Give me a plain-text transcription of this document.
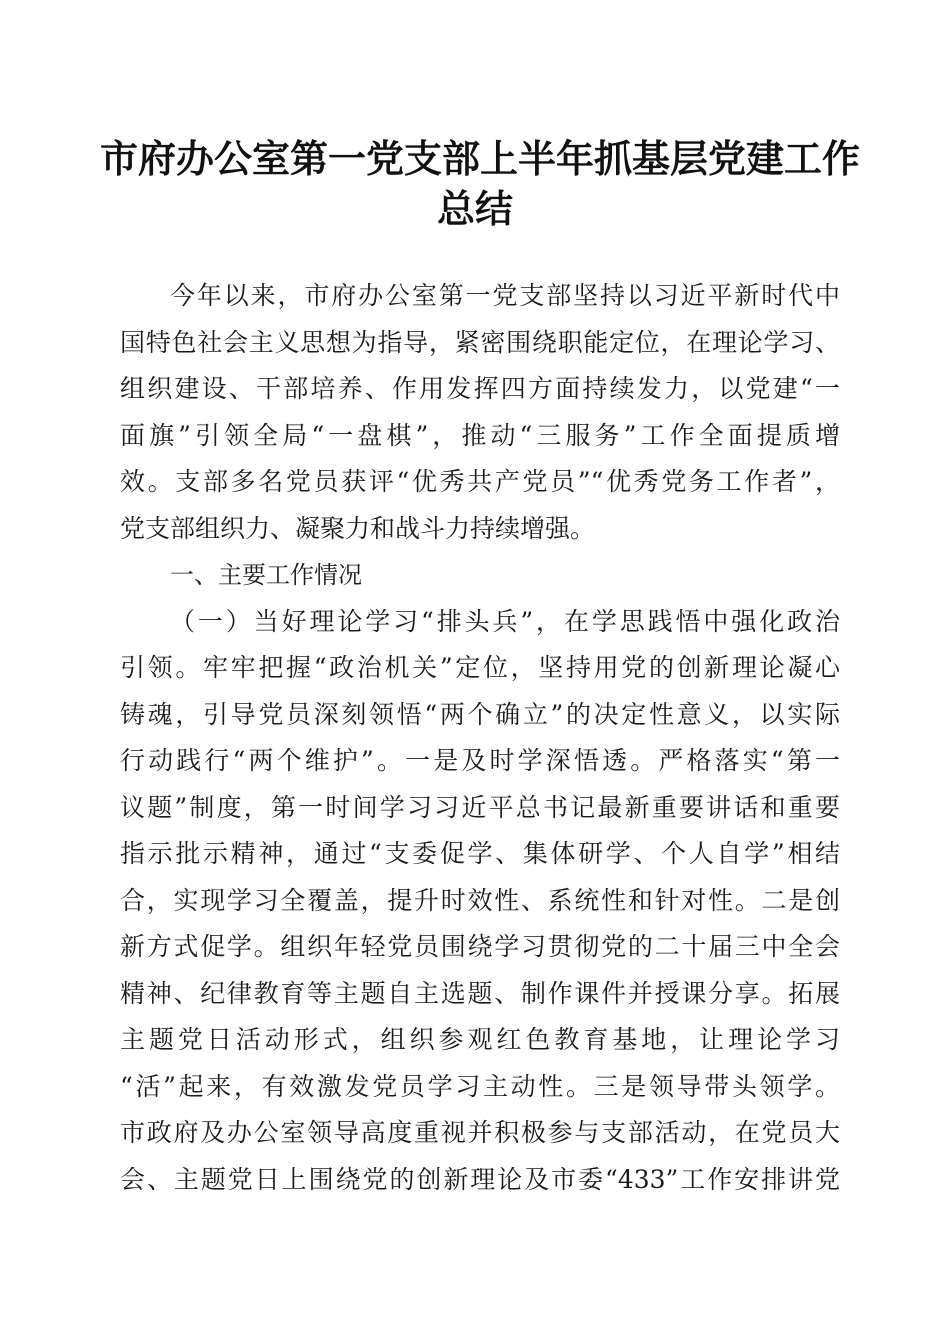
市府办公室第一党支部上半年抓基层党建工作
总结
今年以来，市府办公室第一党支部坚持以习近平新时代中
国特色社会主义思想为指导，紧密围绕职能定位，在理论学习、
组织建设、干部培养、作用发挥四方面持续发力，以党建“一
面旗”引领全局“一盘棋”，推动“三服务”工作全面提质增
效。支部多名党员获评“优秀共产党员”“优秀党务工作者”，
党支部组织力、凝聚力和战斗力持续增强。
一、主要工作情况
（一）当好理论学习“排头兵”，在学思践悟中强化政治
引领。牢牢把握“政治机关”定位，坚持用党的创新理论凝心
铸魂，引导党员深刻领悟“两个确立”的决定性意义，以实际
行动践行“两个维护”。一是及时学深悟透。严格落实“第一
议题”制度，第一时间学习习近平总书记最新重要讲话和重要
指示批示精神，通过“支委促学、集体研学、个人自学”相结
合，实现学习全覆盖，提升时效性、系统性和针对性。二是创
新方式促学。组织年轻党员围绕学习贯彻党的二十届三中全会
精神、纪律教育等主题自主选题、制作课件并授课分享。拓展
主题党日活动形式，组织参观红色教育基地，让理论学习
“活”起来，有效激发党员学习主动性。三是领导带头领学。
市政府及办公室领导高度重视并积极参与支部活动，在党员大
会、主题党日上围绕党的创新理论及市委“433”工作安排讲党
